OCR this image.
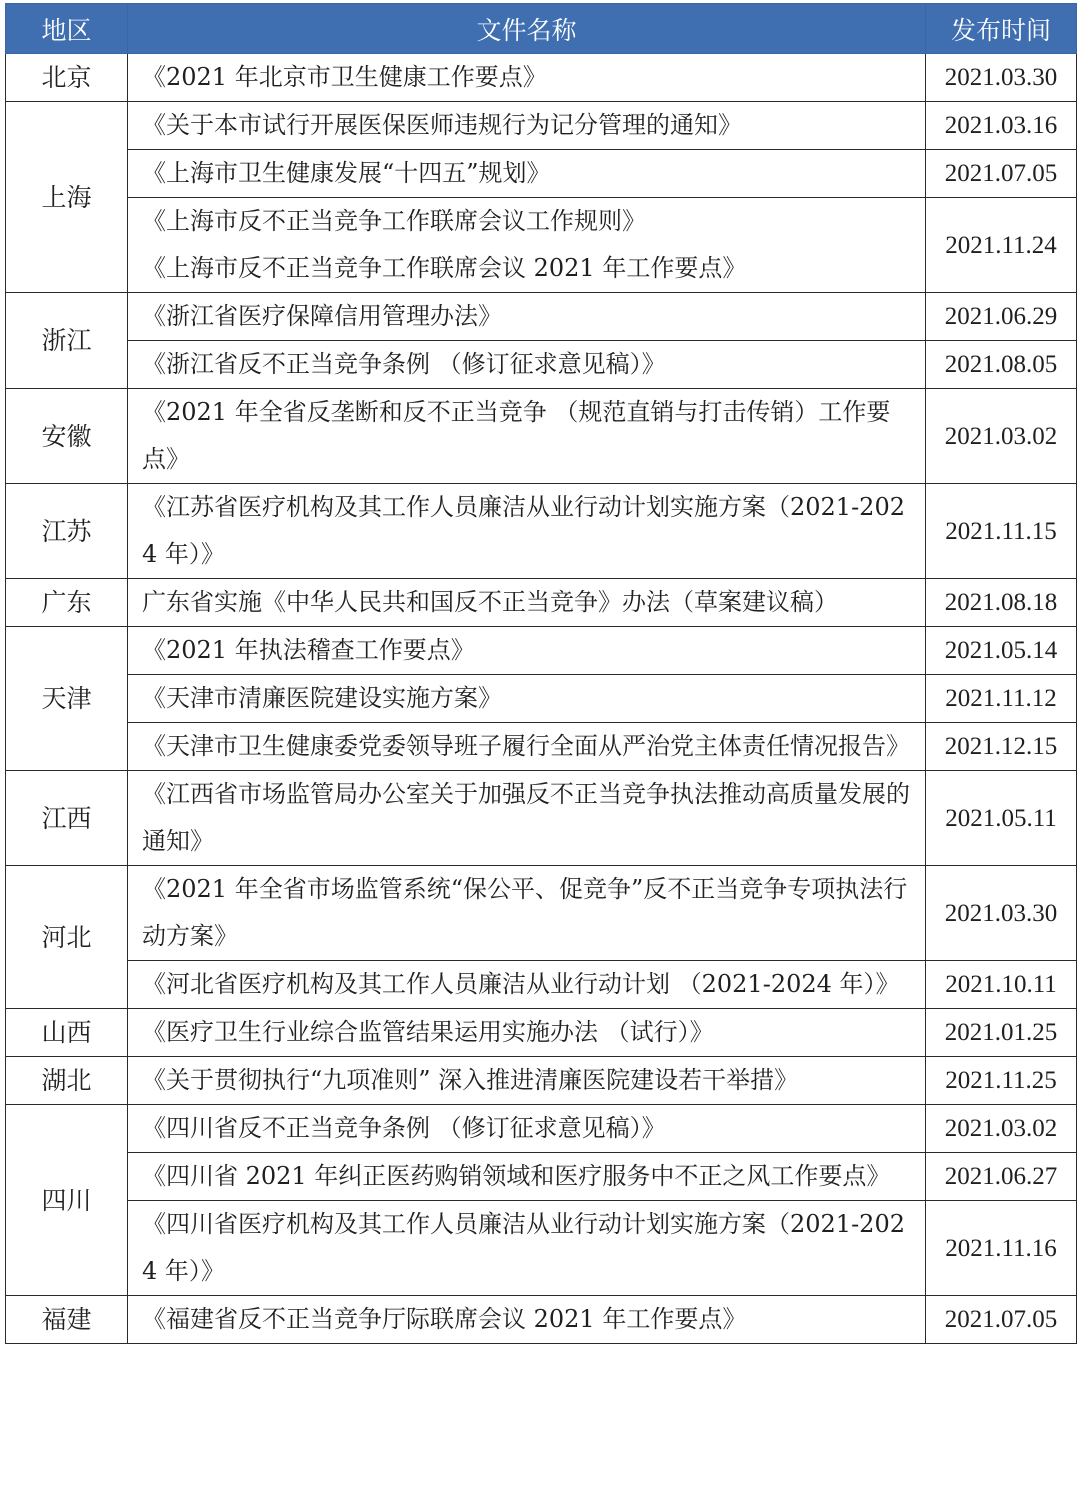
地区	文件名称	发布时间
北京	《2021 年北京市卫生健康工作要点》	2021.03.30
上海	《关于本市试行开展医保医师违规行为记分管理的通知》	2021.03.16

	《上海市卫生健康发展“十四五”规划》	2021.07.05

	《上海市反不正当竞争工作联席会议工作规则》
《上海市反不正当竞争工作联席会议 2021 年工作要点》	2021.11.24
浙江	《浙江省医疗保障信用管理办法》	2021.06.29

	《浙江省反不正当竞争条例 （修订征求意见稿）》	2021.08.05
安徽	《2021 年全省反垄断和反不正当竞争 （规范直销与打击传销）工作要点》	2021.03.02
江苏	《江苏省医疗机构及其工作人员廉洁从业行动计划实施方案（2021-2024 年）》	2021.11.15
广东	广东省实施《中华人民共和国反不正当竞争》办法（草案建议稿）	2021.08.18
天津	《2021 年执法稽查工作要点》	2021.05.14

	《天津市清廉医院建设实施方案》	2021.11.12

	《天津市卫生健康委党委领导班子履行全面从严治党主体责任情况报告》	2021.12.15
江西	《江西省市场监管局办公室关于加强反不正当竞争执法推动高质量发展的通知》	2021.05.11
河北	《2021 年全省市场监管系统“保公平、促竞争”反不正当竞争专项执法行动方案》	2021.03.30

	《河北省医疗机构及其工作人员廉洁从业行动计划 （2021-2024 年）》	2021.10.11
山西	《医疗卫生行业综合监管结果运用实施办法 （试行）》	2021.01.25
湖北	《关于贯彻执行“九项准则” 深入推进清廉医院建设若干举措》	2021.11.25
四川	《四川省反不正当竞争条例 （修订征求意见稿）》	2021.03.02

	《四川省 2021 年纠正医药购销领域和医疗服务中不正之风工作要点》	2021.06.27

	《四川省医疗机构及其工作人员廉洁从业行动计划实施方案（2021-2024 年）》	2021.11.16
福建	《福建省反不正当竞争厅际联席会议 2021 年工作要点》	2021.07.05
